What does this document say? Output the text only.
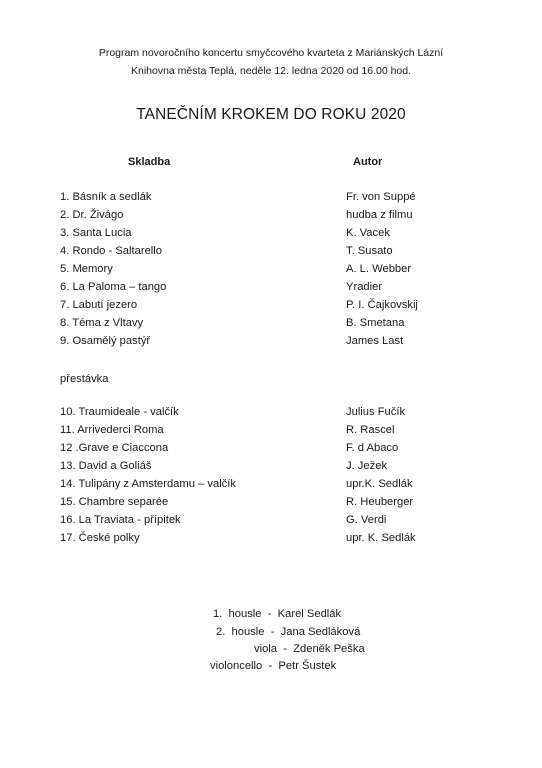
Program novoročního koncertu smyčcového kvarteta z Mariánských Lázní
Knihovna města Teplá, neděle 12. ledna 2020 od 16.00 hod.
TANEČNÍM KROKEM DO ROKU 2020
Skladba	Autor
1. Básník a sedlák	Fr. von Suppé
2. Dr. Živágo	hudba z filmu
3. Santa Lucia	K. Vacek
4. Rondo - Saltarello	T. Susato
5. Memory	A. L. Webber
6. La Paloma – tango	Yradier
7. Labutí jezero	P. I. Čajkovskij
8. Téma z Vltavy	B. Smetana
9. Osamělý pastýř	James Last
přestávka
10. Traumideale - valčík	Julius Fučík
11. Arrivederci Roma	R. Rascel
12 .Grave e Ciaccona	F. d Abaco
13. David a Goliáš	J. Ježek
14. Tulipány z Amsterdamu – valčík	upr.K. Sedlák
15. Chambre separée	R. Heuberger
16. La Traviata - přípitek	G. Verdi
17. České polky	upr. K. Sedlák
1.  housle  -  Karel Sedlák
2.  housle  -  Jana Sedláková
viola  -  Zdeněk Peška
violoncello  -  Petr Šustek
